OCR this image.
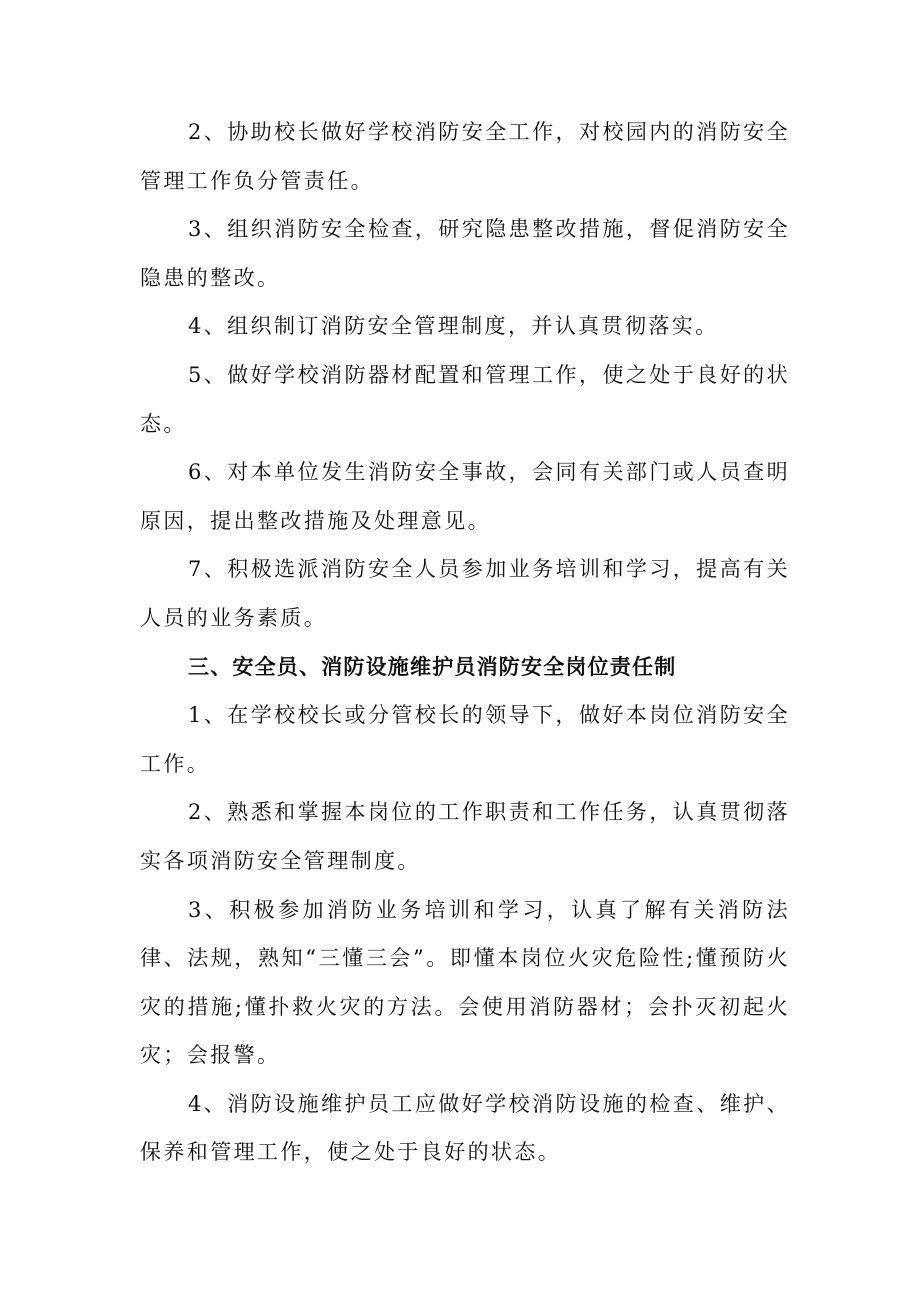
2、协助校长做好学校消防安全工作，对校园内的消防安全管理工作负分管责任。

3、组织消防安全检查，研究隐患整改措施，督促消防安全隐患的整改。

4、组织制订消防安全管理制度，并认真贯彻落实。

5、做好学校消防器材配置和管理工作，使之处于良好的状态。

6、对本单位发生消防安全事故，会同有关部门或人员查明原因，提出整改措施及处理意见。

7、积极选派消防安全人员参加业务培训和学习，提高有关人员的业务素质。

三、安全员、消防设施维护员消防安全岗位责任制

1、在学校校长或分管校长的领导下，做好本岗位消防安全工作。

2、熟悉和掌握本岗位的工作职责和工作任务，认真贯彻落实各项消防安全管理制度。

3、积极参加消防业务培训和学习，认真了解有关消防法律、法规，熟知“三懂三会”。即懂本岗位火灾危险性;懂预防火灾的措施;懂扑救火灾的方法。会使用消防器材；会扑灭初起火灾；会报警。

4、消防设施维护员工应做好学校消防设施的检查、维护、保养和管理工作，使之处于良好的状态。
